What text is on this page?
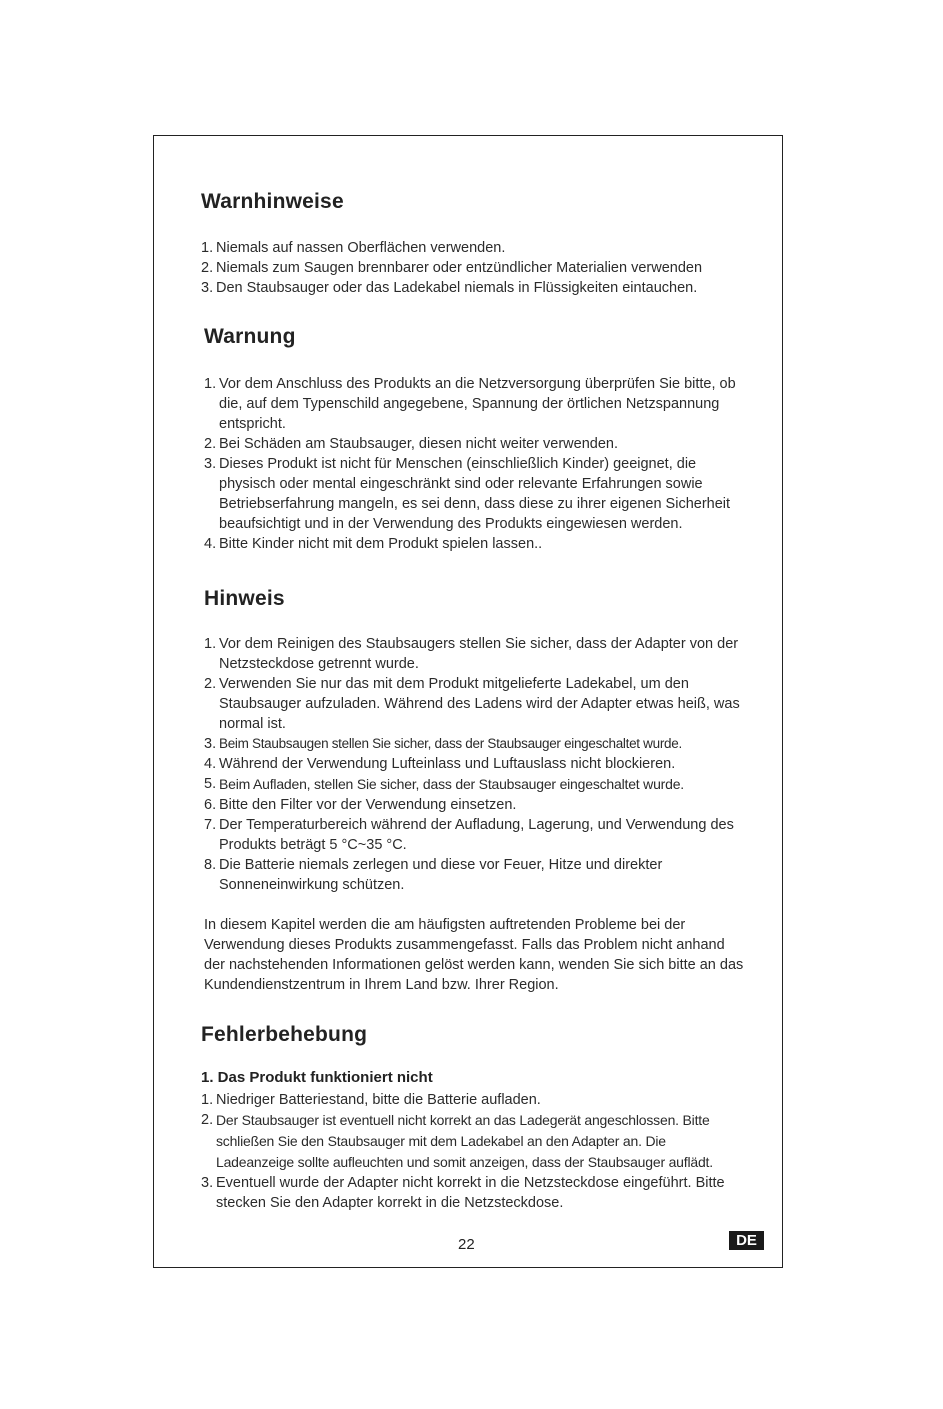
Warnhinweise
1. Niemals auf nassen Oberflächen verwenden.
2. Niemals zum Saugen brennbarer oder entzündlicher Materialien verwenden
3. Den Staubsauger oder das Ladekabel niemals in Flüssigkeiten eintauchen.
Warnung
1. Vor dem Anschluss des Produkts an die Netzversorgung überprüfen Sie bitte, ob die, auf dem Typenschild angegebene, Spannung der örtlichen Netzspannung entspricht.
2. Bei Schäden am Staubsauger, diesen nicht weiter verwenden.
3. Dieses Produkt ist nicht für Menschen (einschließlich Kinder) geeignet, die physisch oder mental eingeschränkt sind oder relevante Erfahrungen sowie Betriebserfahrung mangeln, es sei denn, dass diese zu ihrer eigenen Sicherheit beaufsichtigt und in der Verwendung des Produkts eingewiesen werden.
4. Bitte Kinder nicht mit dem Produkt spielen lassen..
Hinweis
1. Vor dem Reinigen des Staubsaugers stellen Sie sicher, dass der Adapter von der Netzsteckdose getrennt wurde.
2. Verwenden Sie nur das mit dem Produkt mitgelieferte Ladekabel, um den Staubsauger aufzuladen. Während des Ladens wird der Adapter etwas heiß, was normal ist.
3. Beim Staubsaugen stellen Sie sicher, dass der Staubsauger eingeschaltet wurde.
4. Während der Verwendung Lufteinlass und Luftauslass nicht blockieren.
5. Beim Aufladen, stellen Sie sicher, dass der Staubsauger eingeschaltet wurde.
6. Bitte den Filter vor der Verwendung einsetzen.
7. Der Temperaturbereich während der Aufladung, Lagerung, und Verwendung des Produkts beträgt 5 °C~35 °C.
8. Die Batterie niemals zerlegen und diese vor Feuer, Hitze und direkter Sonneneinwirkung schützen.

In diesem Kapitel werden die am häufigsten auftretenden Probleme bei der Verwendung dieses Produkts zusammengefasst. Falls das Problem nicht anhand der nachstehenden Informationen gelöst werden kann, wenden Sie sich bitte an das Kundendienstzentrum in Ihrem Land bzw. Ihrer Region.

Fehlerbehebung
1. Das Produkt funktioniert nicht
1. Niedriger Batteriestand, bitte die Batterie aufladen.
2. Der Staubsauger ist eventuell nicht korrekt an das Ladegerät angeschlossen. Bitte schließen Sie den Staubsauger mit dem Ladekabel an den Adapter an. Die Ladeanzeige sollte aufleuchten und somit anzeigen, dass der Staubsauger auflädt.
3. Eventuell wurde der Adapter nicht korrekt in die Netzsteckdose eingeführt. Bitte stecken Sie den Adapter korrekt in die Netzsteckdose.
22	DE
